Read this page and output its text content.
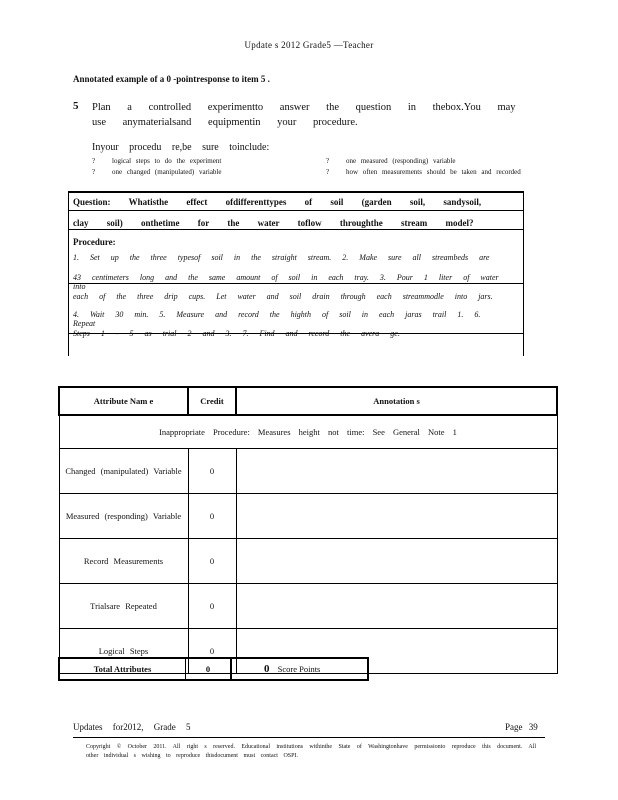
Update s 2012 Grade5 —Teacher
Annotated example of a 0 -pointresponse to item 5 .
5 Plan a controlled experimentto answer the question in thebox.You may use anymaterialsand equipmentin your procedure.
Inyour procedu re,be sure toinclude:
? logical steps to do the experiment
? one changed (manipulated) variable
? one measured (responding) variable
?	how often measurements should be taken and recorded
Question: Whatisthe effect ofdifferenttypes of soil (garden soil, sandysoil,
clay soil) onthetime for the water toflow throughthe stream model?
Procedure:
1. Set up the three typesof soil in the straight stream. 2. Make sure all streambeds are
43 centimeters long and the same amount of soil in each tray. 3. Pour 1 liter of water into
each of the three drip cups. Let water and soil drain through each streammodle into jars.
4. Wait 30 min. 5. Measure and record the highth of soil in each jaras trail 1. 6. Repeat
Steps 1 - 5 as trial 2 and 3. 7. Find and record the avera ge.
Attribute Nam e	Credit	Annotation s
Inappropriate Procedure: Measures height not time: See General Note 1		
Changed (manipulated) Variable	0	
Measured (responding) Variable	0	
Record Measurements	0	
Trialsare Repeated	0	
Logical Steps	0	
Total Attributes	0	0 Score Points
Updates for2012, Grade 5	Page 39
Copyright © October 2011. All right s reserved. Educational institutions withinthe State of Washingtonhave permissionto reproduce this document. All other individual s wishing to reproduce thisdocument must contact OSPI.
